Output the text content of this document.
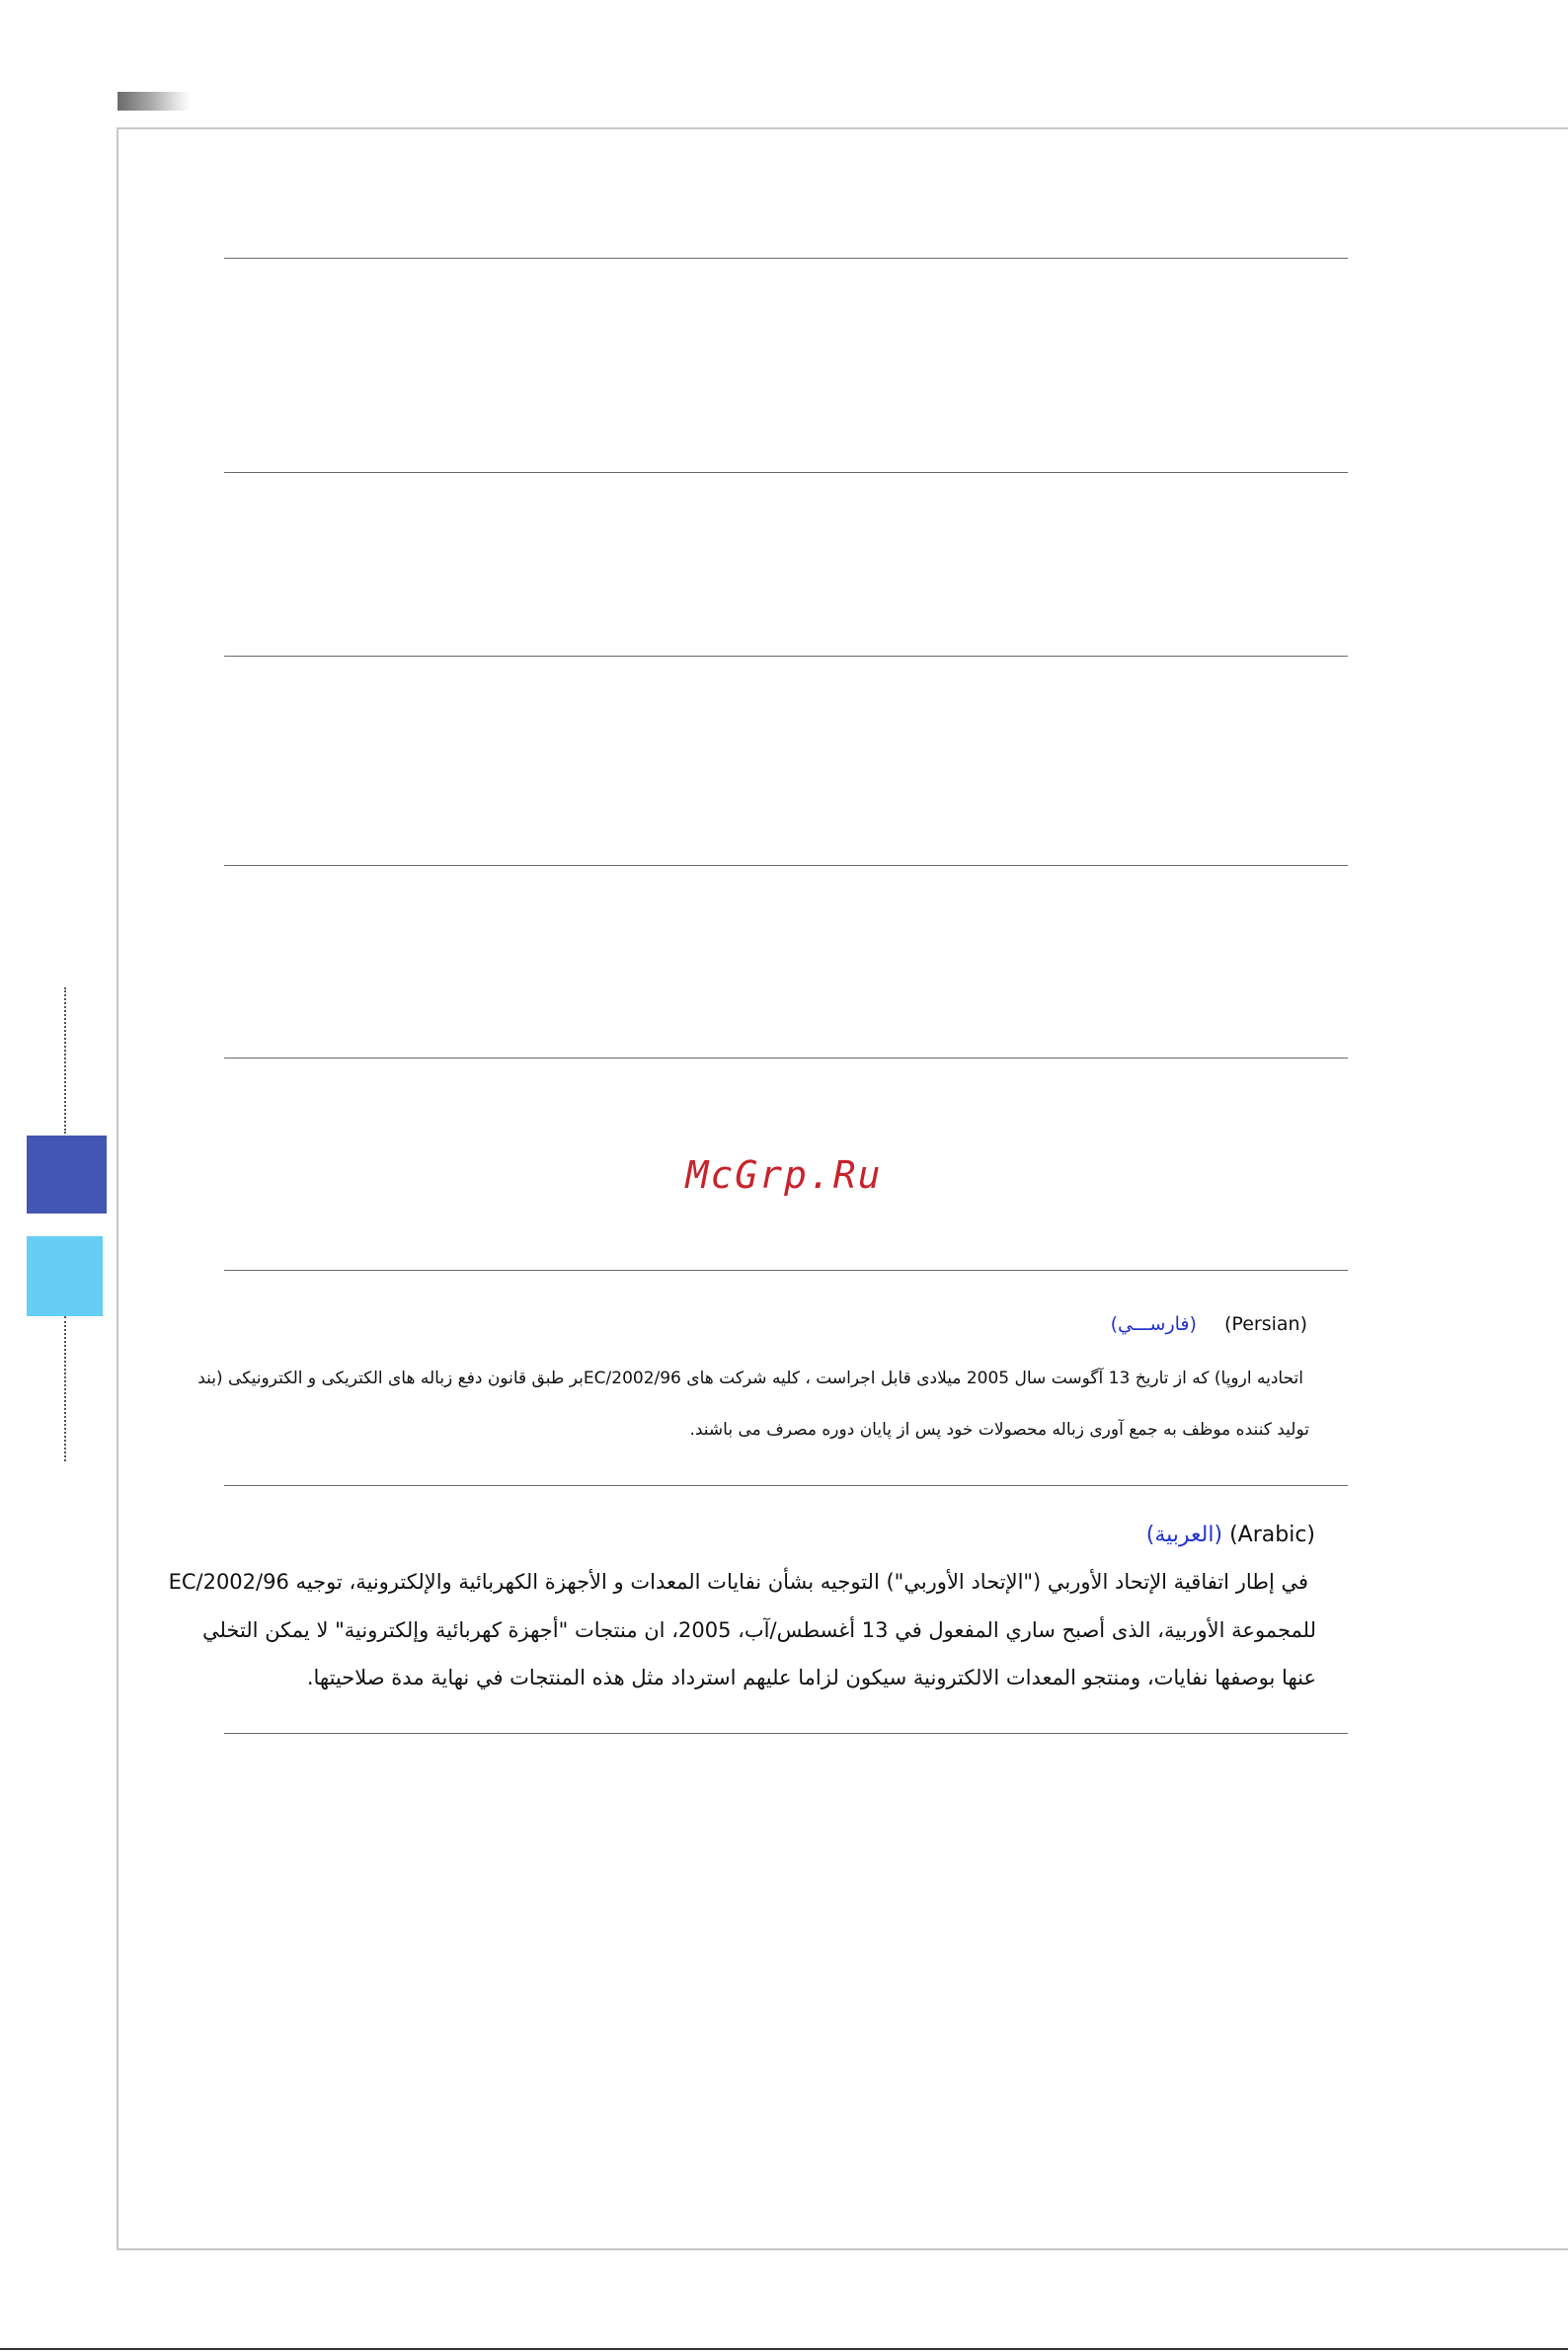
McGrp.Ru
(فارســـي) (Persian)
اتحادیه اروپا) که از تاریخ 13 آگوست سال 2005 میلادی قابل اجراست ، کلیه شرکت های 2002/96/ECبر طبق قانون دفع زباله های الکتریکی و الکترونیکی (بند
تولید کننده موظف به جمع آوری زباله محصولات خود پس از پایان دوره مصرف می باشند.
(العربية) (Arabic)
في إطار اتفاقية الإتحاد الأوربي ("الإتحاد الأوربي") التوجيه بشأن نفايات المعدات و الأجهزة الكهربائية والإلكترونية، توجيه 2002/96/EC
للمجموعة الأوربية، الذى أصبح ساري المفعول في 13 أغسطس/آب، 2005، ان منتجات "أجهزة كهربائية وإلكترونية" لا يمكن التخلي
عنها بوصفها نفايات، ومنتجو المعدات الالكترونية سيكون لزاما عليهم استرداد مثل هذه المنتجات في نهاية مدة صلاحيتها.
